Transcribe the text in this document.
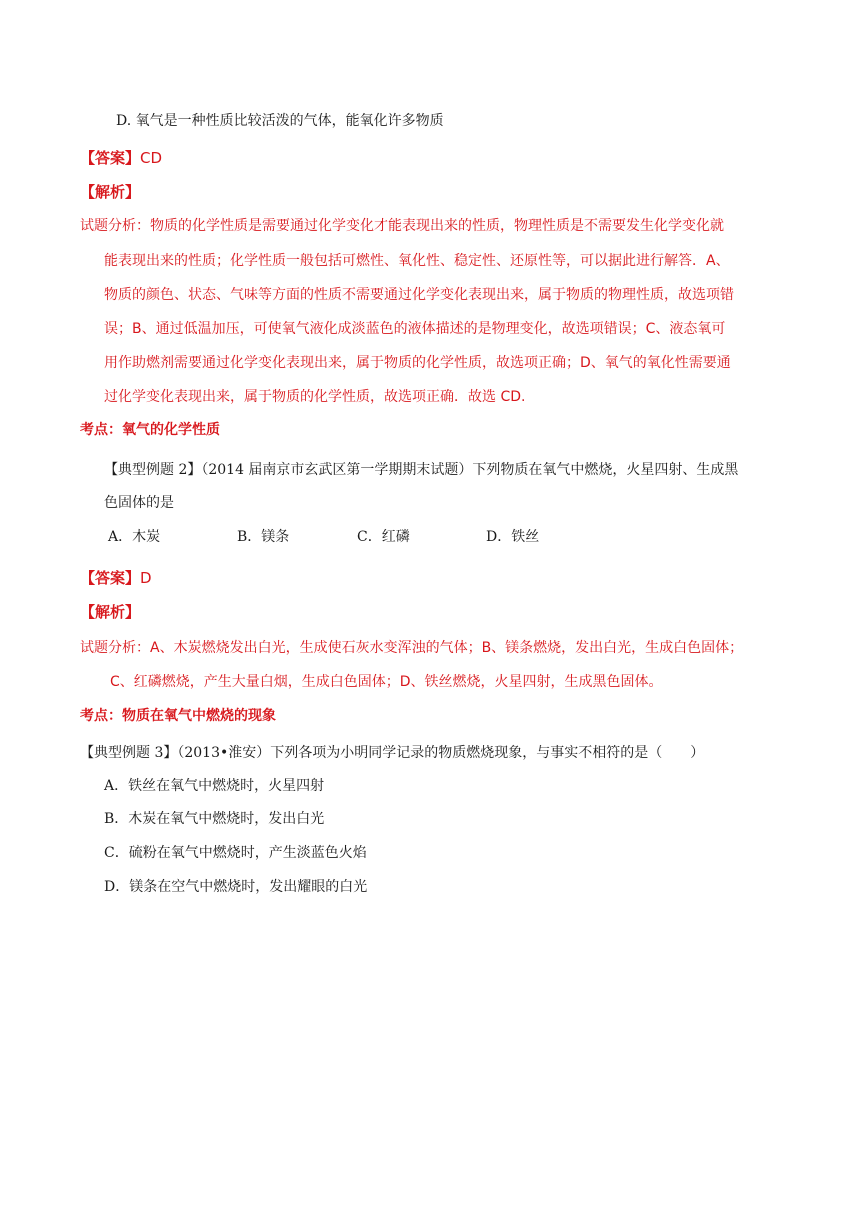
D. 氧气是一种性质比较活泼的气体，能氧化许多物质
【答案】CD
【解析】
试题分析：物质的化学性质是需要通过化学变化才能表现出来的性质，物理性质是不需要发生化学变化就
能表现出来的性质；化学性质一般包括可燃性、氧化性、稳定性、还原性等，可以据此进行解答．A、
物质的颜色、状态、气味等方面的性质不需要通过化学变化表现出来，属于物质的物理性质，故选项错
误；B、通过低温加压，可使氧气液化成淡蓝色的液体描述的是物理变化，故选项错误；C、液态氧可
用作助燃剂需要通过化学变化表现出来，属于物质的化学性质，故选项正确；D、氧气的氧化性需要通
过化学变化表现出来，属于物质的化学性质，故选项正确．故选 CD.
考点：氧气的化学性质
【典型例题 2】（2014 届南京市玄武区第一学期期末试题）下列物质在氧气中燃烧，火星四射、生成黑
色固体的是
A．木炭	B．镁条	C．红磷	D．铁丝
【答案】D
【解析】
试题分析：A、木炭燃烧发出白光，生成使石灰水变浑浊的气体；B、镁条燃烧，发出白光，生成白色固体；
C、红磷燃烧，产生大量白烟，生成白色固体；D、铁丝燃烧，火星四射，生成黑色固体。
考点：物质在氧气中燃烧的现象
【典型例题 3】（2013•淮安）下列各项为小明同学记录的物质燃烧现象，与事实不相符的是（　　）
A．铁丝在氧气中燃烧时，火星四射
B．木炭在氧气中燃烧时，发出白光
C．硫粉在氧气中燃烧时，产生淡蓝色火焰
D．镁条在空气中燃烧时，发出耀眼的白光
